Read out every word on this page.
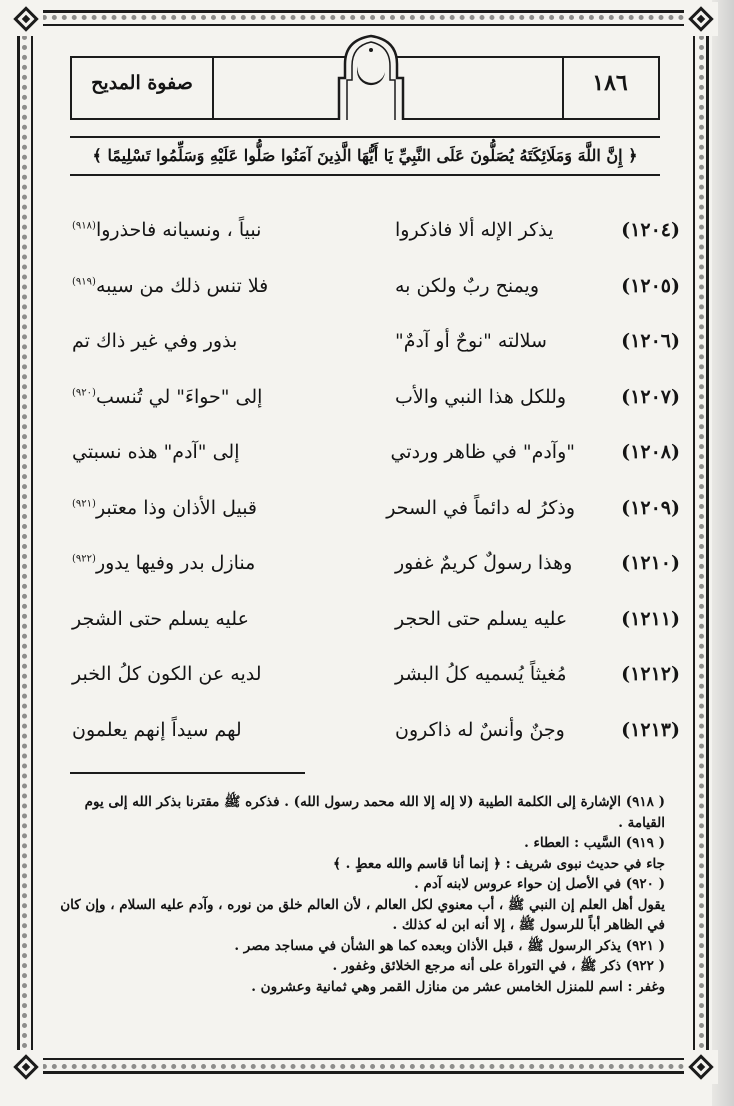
صفوة المديح	١٨٦
﴿ إِنَّ اللَّهَ وَمَلَائِكَتَهُ يُصَلُّونَ عَلَى النَّبِيِّ يَا أَيُّهَا الَّذِينَ آمَنُوا صَلُّوا عَلَيْهِ وَسَلِّمُوا تَسْلِيمًا ﴾
(١٢٠٤)
يذكر الإله ألا فاذكروا
نبياً ، ونسيانه فاحذروا$^{(٩١٨)}$
(١٢٠٥)
ويمنح ربٌ ولكن به
فلا تنس ذلك من سيبه$^{(٩١٩)}$
(١٢٠٦)
سلالته "نوحٌ أو آدمٌ"
بذور وفي غير ذاك تم
(١٢٠٧)
وللكل هذا النبي والأب
إلى "حواءَ" لي تُنسب$^{(٩٢٠)}$
(١٢٠٨)
"وآدم" في ظاهر وردتي
إلى "آدم" هذه نسبتي
(١٢٠٩)
وذكرُ له دائماً في السحر
قبيل الأذان وذا معتبر$^{(٩٢١)}$
(١٢١٠)
وهذا رسولٌ كريمٌ غفور
منازل بدر وفيها يدور$^{(٩٢٢)}$
(١٢١١)
عليه يسلم حتى الحجر
عليه يسلم حتى الشجر
(١٢١٢)
مُغيثاً يُسميه كلُ البشر
لديه عن الكون كلُ الخبر
(١٢١٣)
وجنٌ وأنسٌ له ذاكرون
لهم سيداً إنهم يعلمون

( ٩١٨) الإشارة إلى الكلمة الطيبة (لا إله إلا الله محمد رسول الله) . فذكره ﷺ مقترنا بذكر الله إلى يوم القيامة .

( ٩١٩) السَّيب : العطاء .

جاء في حديث نبوى شريف : ﴿ إنما أنا قاسم والله معطٍ . ﴾

( ٩٢٠) في الأصل إن حواء عروس لابنه آدم .

يقول أهل العلم إن النبي ﷺ ، أب معنوي لكل العالم ، لأن العالم خلق من نوره ، وآدم عليه السلام ، وإن كان في الظاهر أباً للرسول ﷺ ، إلا أنه ابن له كذلك .

( ٩٢١) يذكر الرسول ﷺ ، قبل الأذان وبعده كما هو الشأن في مساجد مصر .

( ٩٢٢) ذكر ﷺ ، في التوراة على أنه مرجع الخلائق وغفور .

وغفر : اسم للمنزل الخامس عشر من منازل القمر وهي ثمانية وعشرون .
